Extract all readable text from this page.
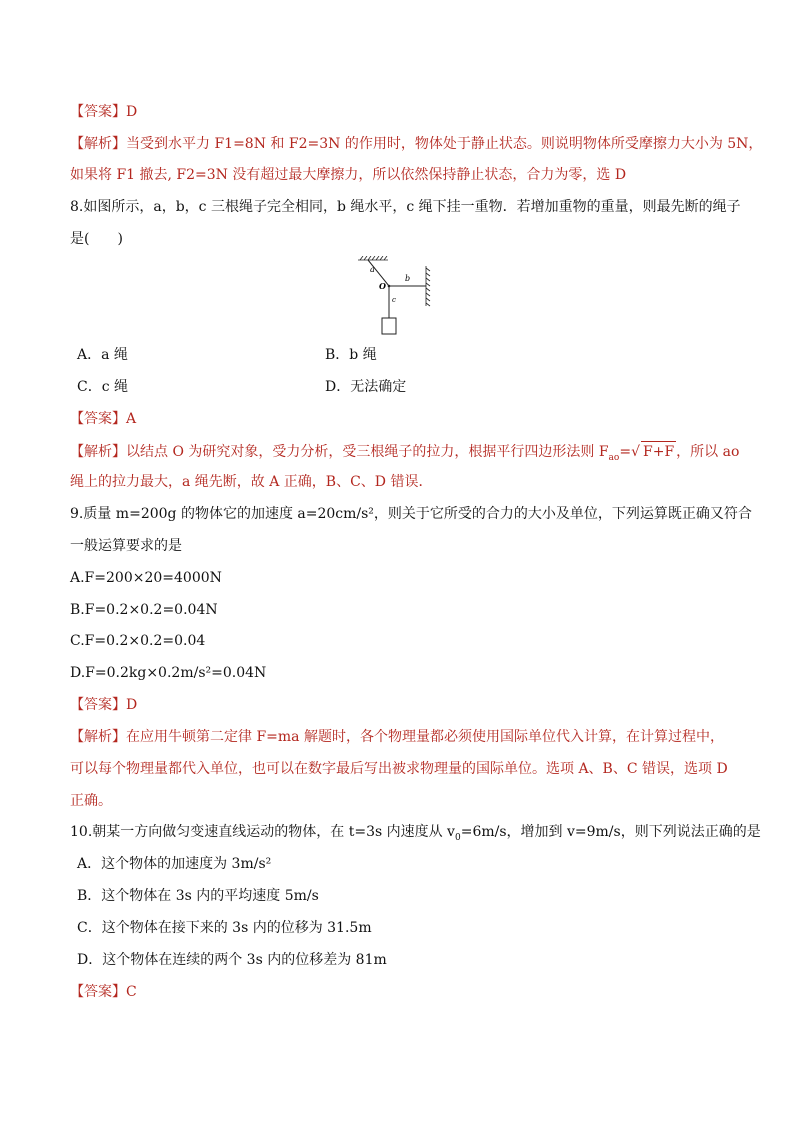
【答案】D
【解析】当受到水平力 F1=8N 和 F2=3N 的作用时，物体处于静止状态。则说明物体所受摩擦力大小为 5N，
如果将 F1 撤去, F2=3N 没有超过最大摩擦力，所以依然保持静止状态，合力为零，选 D
8.如图所示，a，b，c 三根绳子完全相同，b 绳水平，c 绳下挂一重物．若增加重物的重量，则最先断的绳子
是(　　)
a
b
O
c
A．a 绳	B．b 绳
C．c 绳	D．无法确定
【答案】A
【解析】以结点 O 为研究对象，受力分析，受三根绳子的拉力，根据平行四边形法则 $F_{ao}=√$ F+F ，所以 ao
绳上的拉力最大，a 绳先断，故 A 正确，B、C、D 错误．
9.质量 m=200g 的物体它的加速度 a=20cm/s²，则关于它所受的合力的大小及单位，下列运算既正确又符合
一般运算要求的是
A.F=200×20=4000N
B.F=0.2×0.2=0.04N
C.F=0.2×0.2=0.04
D.F=0.2kg×0.2m/s²=0.04N
【答案】D
【解析】在应用牛顿第二定律 F=ma 解题时，各个物理量都必须使用国际单位代入计算，在计算过程中，
可以每个物理量都代入单位，也可以在数字最后写出被求物理量的国际单位。选项 A、B、C 错误，选项 D
正确。
10.朝某一方向做匀变速直线运动的物体，在 t=3s 内速度从 $v_0=6m/s$，增加到 v=9m/s，则下列说法正确的是
A．这个物体的加速度为 3m/s²
B．这个物体在 3s 内的平均速度 5m/s
C．这个物体在接下来的 3s 内的位移为 31.5m
D．这个物体在连续的两个 3s 内的位移差为 81m
【答案】C
